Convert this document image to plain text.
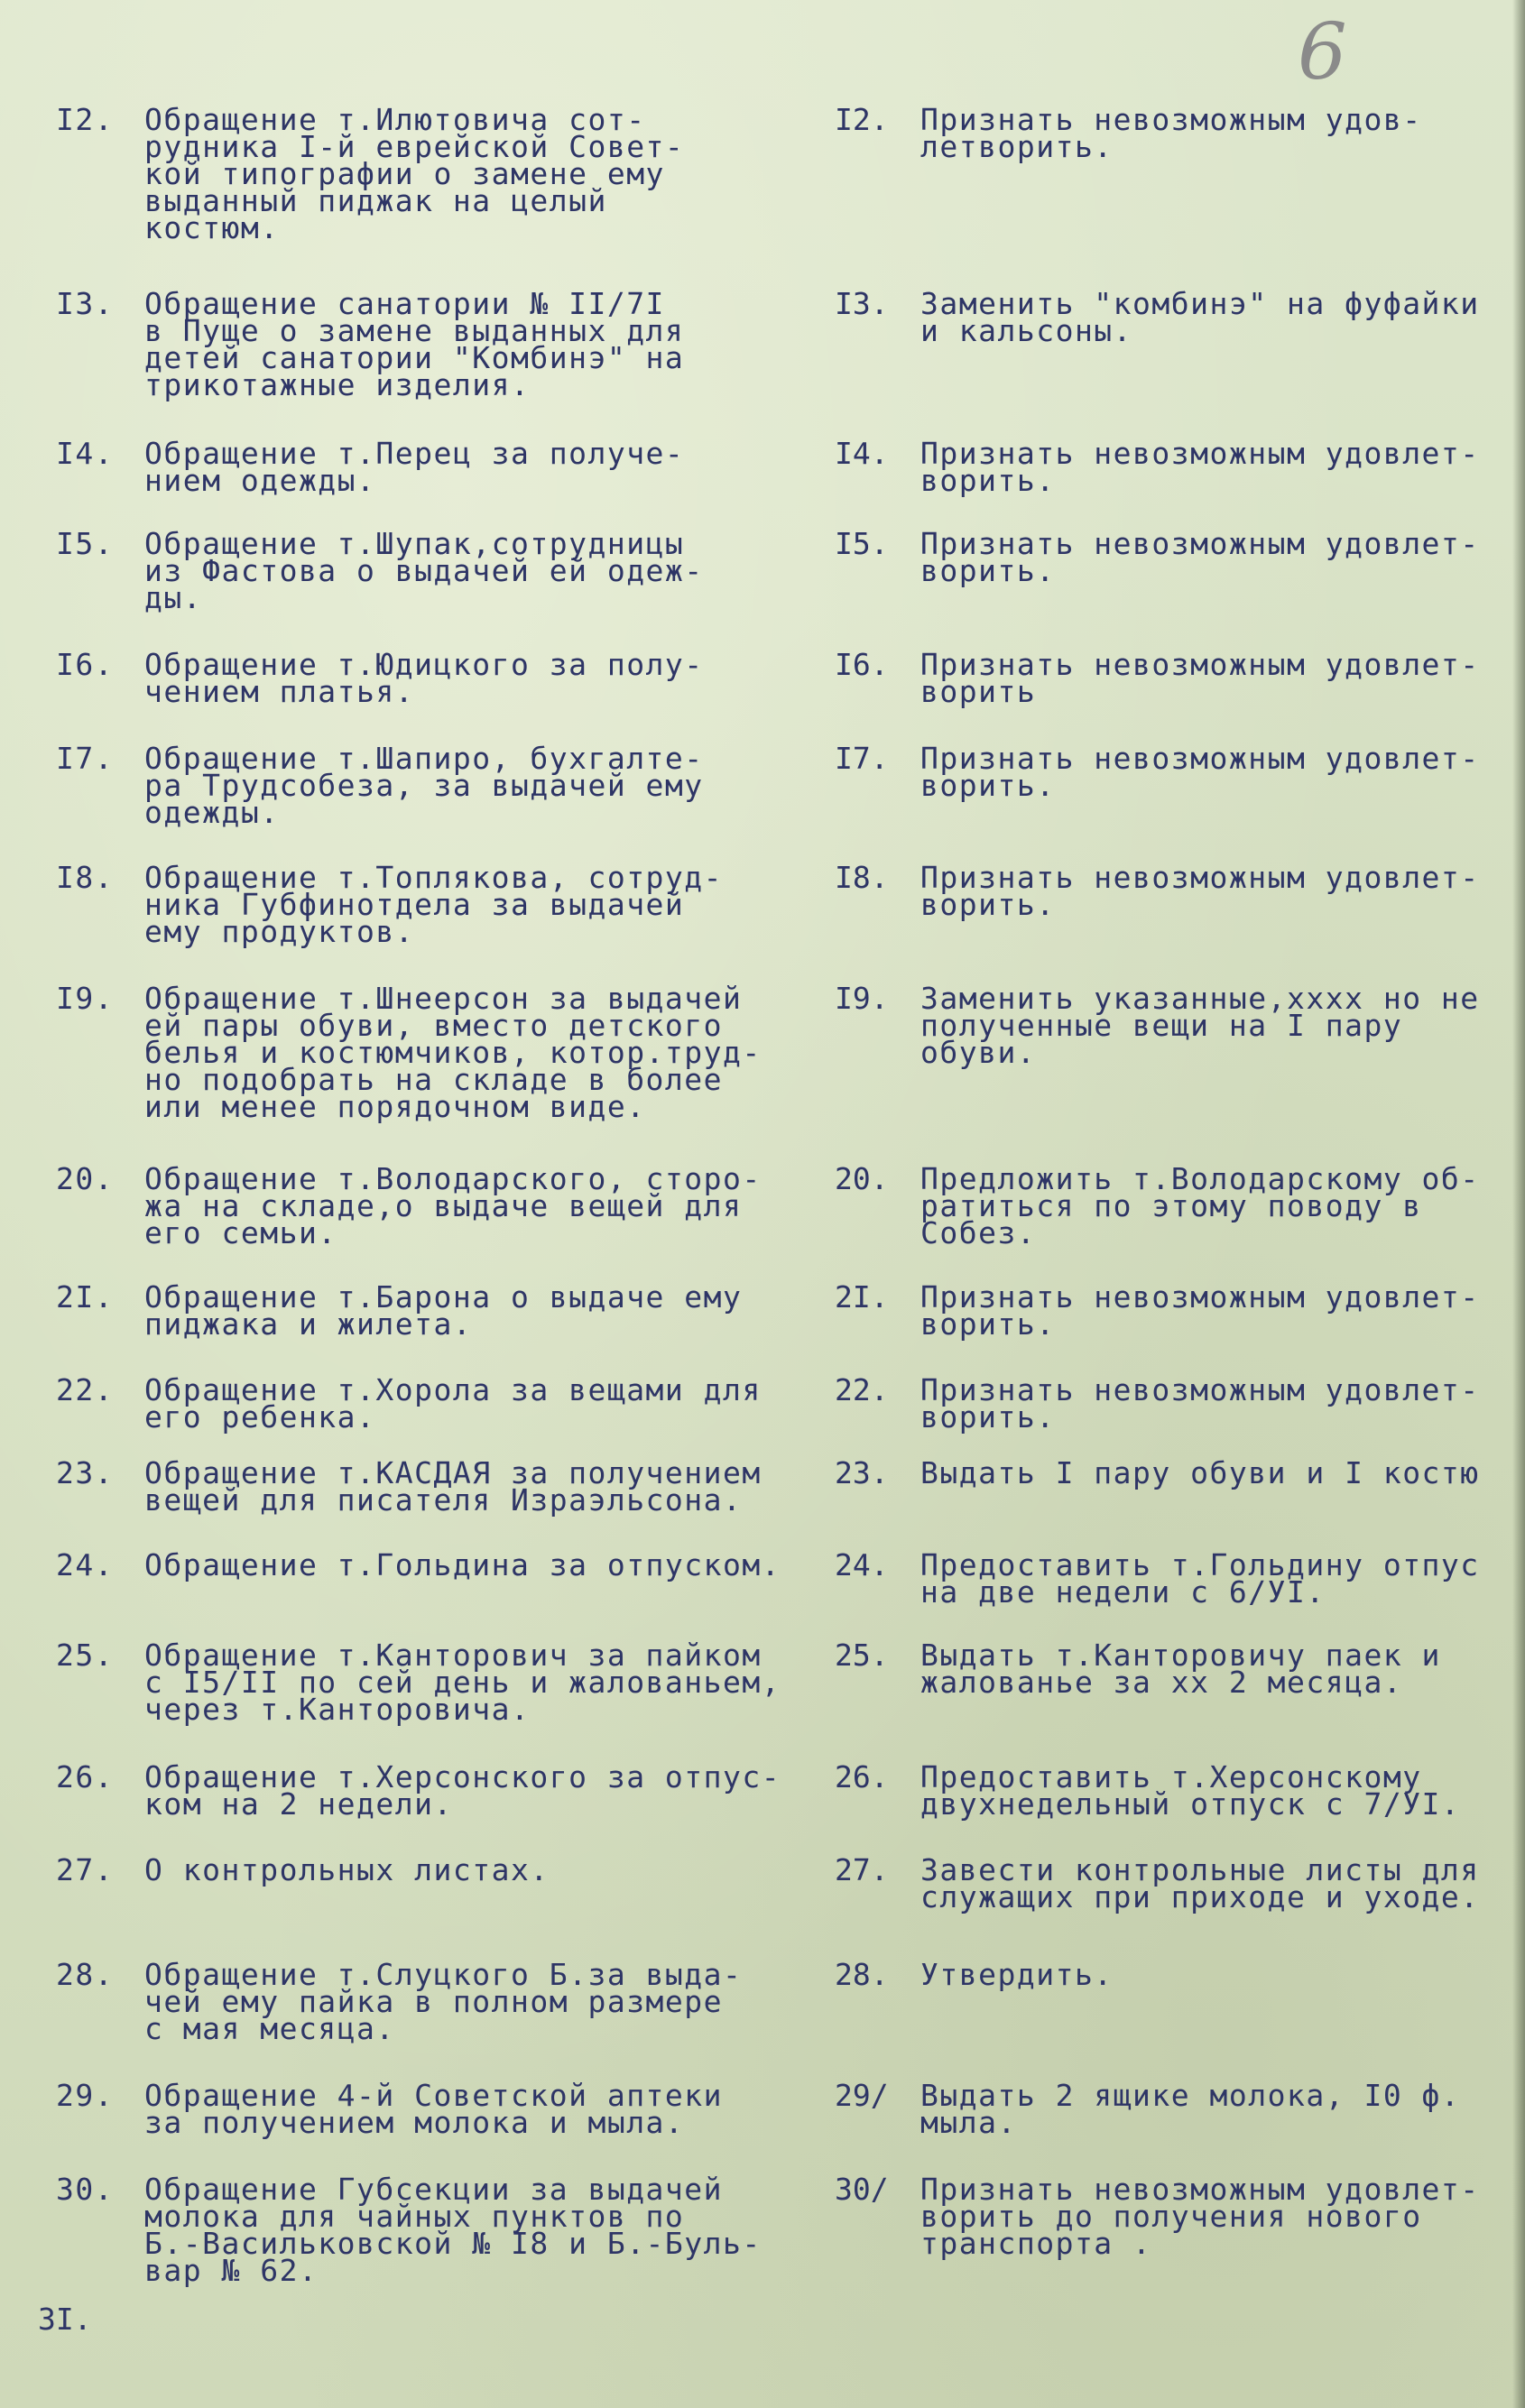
6
I2. Обращение т.Илютовича сот-
рудника I-й еврейской Совет-
кой типографии о замене ему
выданный пиджак на целый
костюм.
I2. Признать невозможным удов-
летворить.
I3. Обращение санатории № II/7I
в Пуще о замене выданных для
детей санатории "Комбинэ" на
трикотажные изделия.
I3. Заменить "комбинэ" на фуфайки
и кальсоны.
I4. Обращение т.Перец за получе-
нием одежды.
I4. Признать невозможным удовлет-
ворить.
I5. Обращение т.Шупак,сотрудницы
из Фастова о выдачей ей одеж-
ды.
I5. Признать невозможным удовлет-
ворить.
I6. Обращение т.Юдицкого за полу-
чением платья.
I6. Признать невозможным удовлет-
ворить
I7. Обращение т.Шапиро, бухгалте-
ра Трудсобеза, за выдачей ему
одежды.
I7. Признать невозможным удовлет-
ворить.
I8. Обращение т.Топлякова, сотруд-
ника Губфинотдела за выдачей
ему продуктов.
I8. Признать невозможным удовлет-
ворить.
I9. Обращение т.Шнеерсон за выдачей
ей пары обуви, вместо детского
белья и костюмчиков, котор.труд-
но подобрать на складе в более
или менее порядочном виде.
I9. Заменить указанные,xxxx но не
полученные вещи на I пару
обуви.
20. Обращение т.Володарского, сторо-
жа на складе,о выдаче вещей для
его семьи.
20. Предложить т.Володарскому об-
ратиться по этому поводу в
Собез.
2I. Обращение т.Барона о выдаче ему
пиджака и жилета.
2I. Признать невозможным удовлет-
ворить.
22. Обращение т.Хорола за вещами для
его ребенка.
22. Признать невозможным удовлет-
ворить.
23. Обращение т.КАСДАЯ за получением
вещей для писателя Израэльсона.
23. Выдать I пару обуви и I костю
24. Обращение т.Гольдина за отпуском.	24. Предоставить т.Гольдину отпус
на две недели с 6/УI.
25. Обращение т.Канторович за пайком
с I5/II по сей день и жалованьем,
через т.Канторовича.
25. Выдать т.Канторовичу паек и
жалованье за xx 2 месяца.
26. Обращение т.Херсонского за отпус-
ком на 2 недели.
26. Предоставить т.Херсонскому
двухнедельный отпуск с 7/УI.
27. О контрольных листах.	27. Завести контрольные листы для
служащих при приходе и уходе.
28. Обращение т.Слуцкого Б.за выда-
чей ему пайка в полном размере
с мая месяца.
28. Утвердить.
29. Обращение 4-й Советской аптеки
за получением молока и мыла.
29/ Выдать 2 ящике молока, I0 ф.
мыла.
30. Обращение Губсекции за выдачей
молока для чайных пунктов по
Б.-Васильковской № I8 и Б.-Буль-
вар № 62.
30/ Признать невозможным удовлет-
ворить до получения нового
транспорта .
3I.
